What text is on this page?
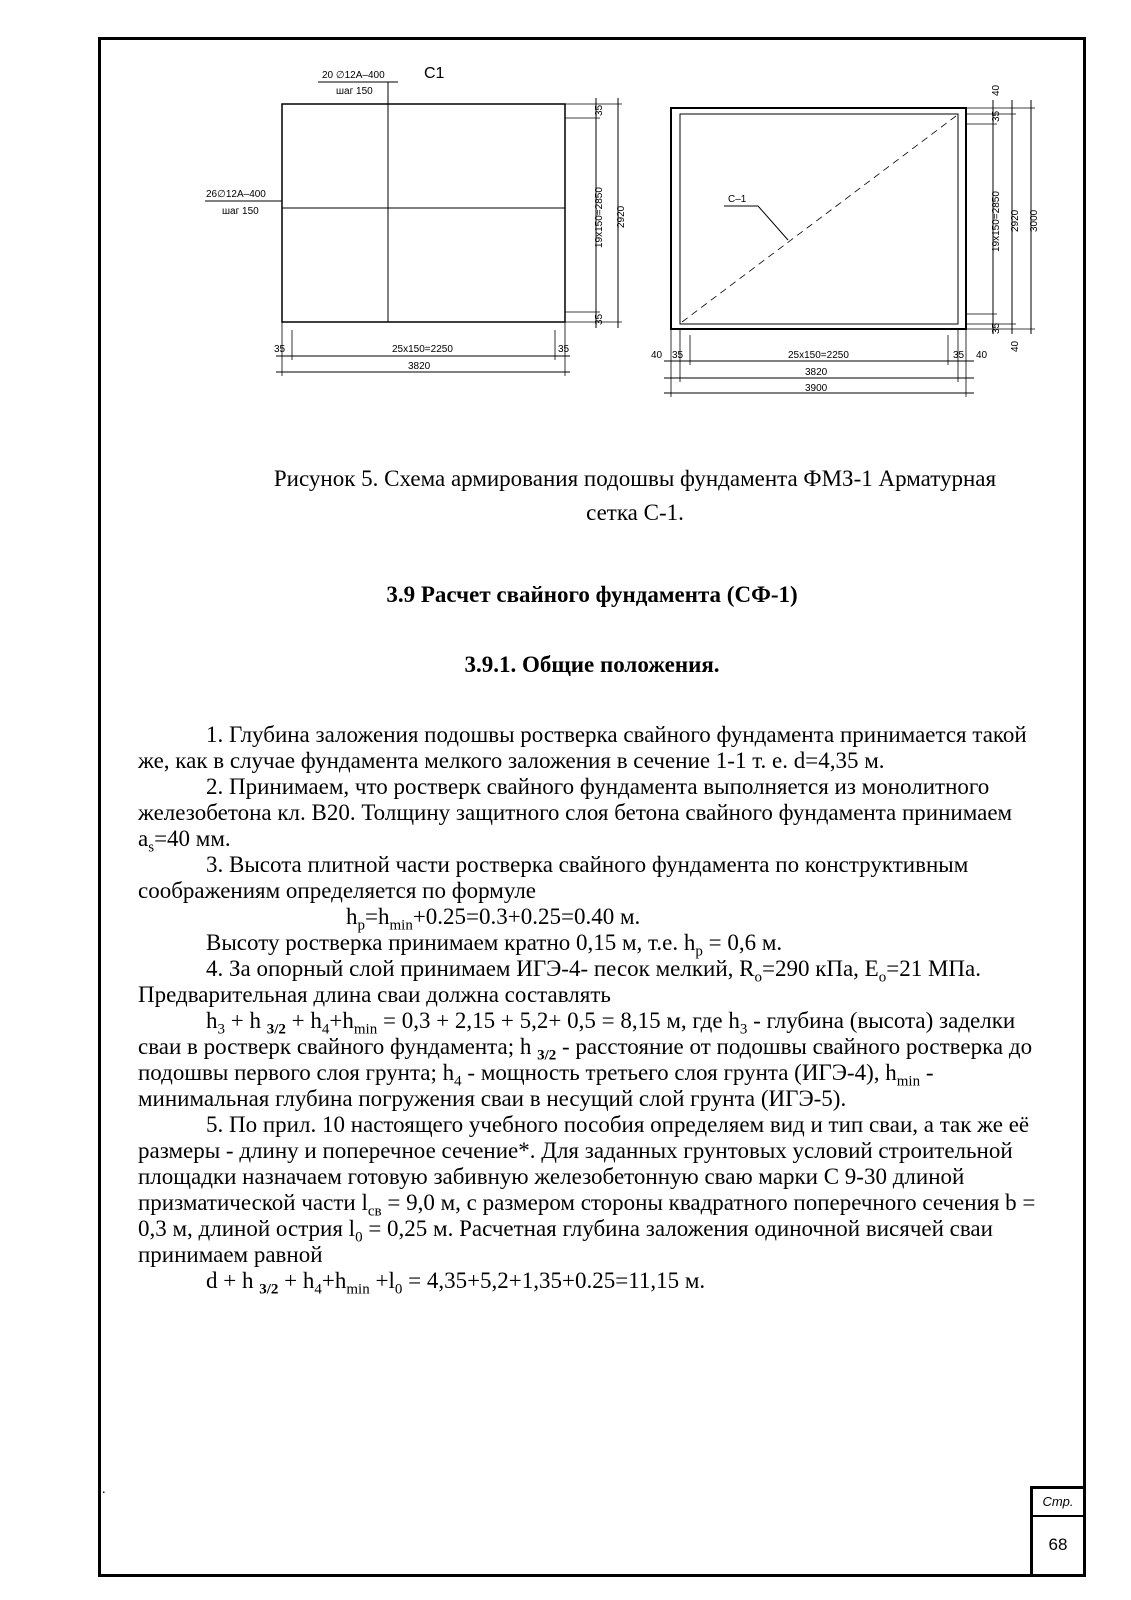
C1
20 ∅12A–400
шаг 150
26∅12A–400
шаг 150	19x150=2850 2920
35
35
25x150=2250
3820
35	35
C–1	19x150=2850 2920 3000
40
35
35
40
40 35	25x150=2250	35 40
3820
3900
Рисунок 5. Схема армирования подошвы фундамента ФМЗ-1 Арматурная
сетка С-1.
3.9 Расчет свайного фундамента (СФ-1)
3.9.1. Общие положения.

1. Глубина заложения подошвы ростверка свайного фундамента принимается такой же, как в случае фундамента мелкого заложения в сечение 1-1 т. е. d=4,35 м.

2. Принимаем, что ростверк свайного фундамента выполняется из монолитного железобетона кл. В20. Толщину защитного слоя бетона свайного фундамента принимаем $a_s=40$ мм.

3. Высота плитной части ростверка свайного фундамента по конструктивным соображениям определяется по формуле

$h_p=h_{min}+0.25=0.3+0.25=0.40$ м.

Высоту ростверка принимаем кратно 0,15 м, т.е. $h_p = 0,6$ м.

4. За опорный слой принимаем ИГЭ-4- песок мелкий, $R_o=290$ кПа, $E_o=21$ МПа. Предварительная длина сваи должна составлять

$h_3 + h$ $_{3/2} + h_4+h_{min} = 0,3 + 2,15 + 5,2+ 0,5 = 8,15$ м, где $h_3$ - глубина (высота) заделки сваи в ростверк свайного фундамента; h $_{3/2}$ - расстояние от подошвы свайного ростверка до подошвы первого слоя грунта; $h_4$ - мощность третьего слоя грунта (ИГЭ-4), $h_{min}$ - минимальная глубина погружения сваи в несущий слой грунта (ИГЭ-5).

5. По прил. 10 настоящего учебного пособия определяем вид и тип сваи, а так же её размеры - длину и поперечное сечение*. Для заданных грунтовых условий строительной площадки назначаем готовую забивную железобетонную сваю марки С 9-30 длиной призматической части $l_{св} = 9,0$ м, с размером стороны квадратного поперечного сечения b = 0,3 м, длиной острия $l_0 = 0,25$ м. Расчетная глубина заложения одиночной висячей сваи принимаем равной

d + h $_{3/2} + h_4+h_{min} +l_0 = 4,35+5,2+1,35+0.25=11,15$ м.

.
Стр.
68
